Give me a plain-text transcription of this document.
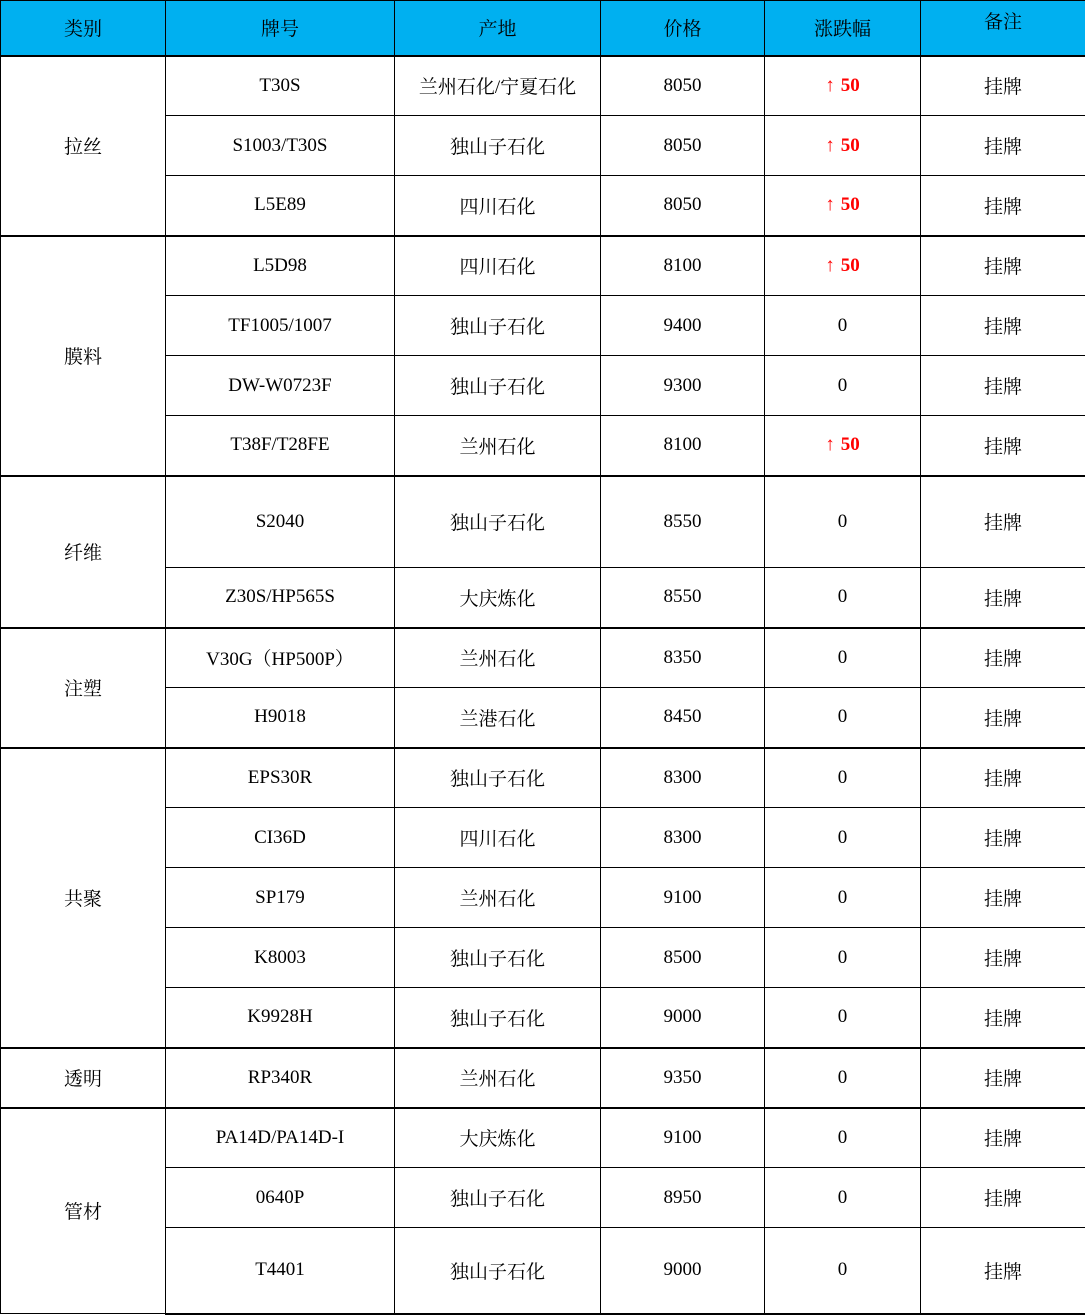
类别	牌号	产地	价格	涨跌幅	备注
拉丝	T30S	兰州石化/宁夏石化	8050	↑ 50	挂牌
	S1003/T30S	独山子石化	8050	↑ 50	挂牌
	L5E89	四川石化	8050	↑ 50	挂牌
膜料	L5D98	四川石化	8100	↑ 50	挂牌
	TF1005/1007	独山子石化	9400	0	挂牌
	DW-W0723F	独山子石化	9300	0	挂牌
	T38F/T28FE	兰州石化	8100	↑ 50	挂牌
纤维	S2040	独山子石化	8550	0	挂牌
	Z30S/HP565S	大庆炼化	8550	0	挂牌
注塑	V30G（HP500P）	兰州石化	8350	0	挂牌
	H9018	兰港石化	8450	0	挂牌
共聚	EPS30R	独山子石化	8300	0	挂牌
	CI36D	四川石化	8300	0	挂牌
	SP179	兰州石化	9100	0	挂牌
	K8003	独山子石化	8500	0	挂牌
	K9928H	独山子石化	9000	0	挂牌
透明	RP340R	兰州石化	9350	0	挂牌
管材	PA14D/PA14D-I	大庆炼化	9100	0	挂牌
	0640P	独山子石化	8950	0	挂牌
	T4401	独山子石化	9000	0	挂牌
